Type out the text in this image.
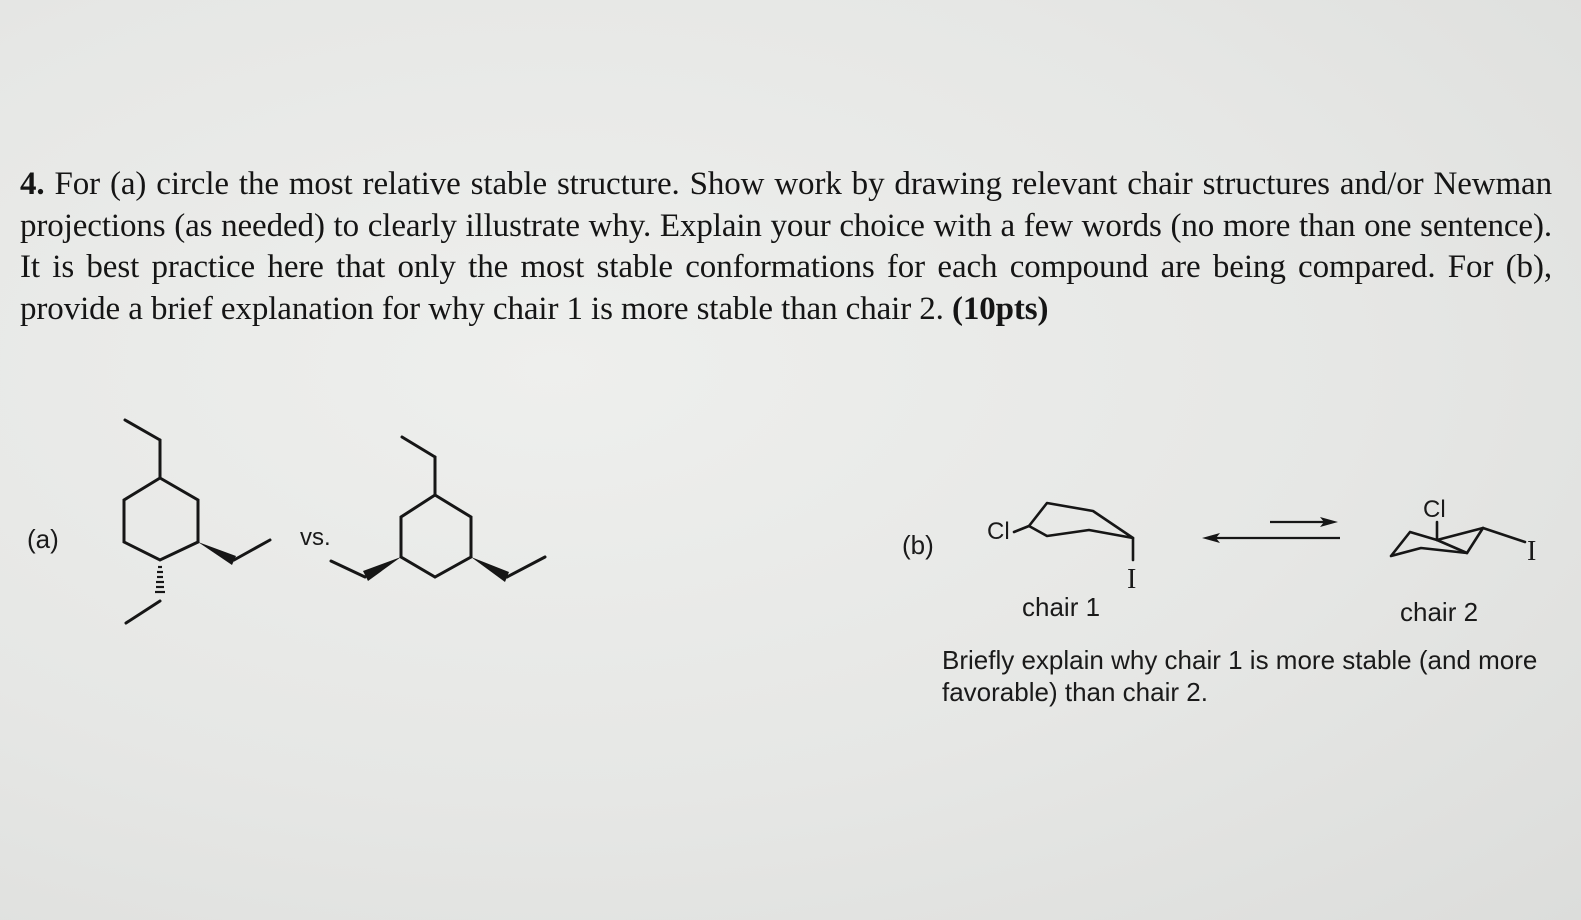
4. For (a) circle the most relative stable structure. Show work by drawing relevant chair structures and/or Newman projections (as needed) to clearly illustrate why. Explain your choice with a few words (no more than one sentence). It is best practice here that only the most stable conformations for each compound are being compared. For (b), provide a brief explanation for why chair 1 is more stable than chair 2. (10pts)
(a)	vs.	(b) Cl
I
Cl
I
chair 1	chair 2
Briefly explain why chair 1 is more stable (and more favorable) than chair 2.
